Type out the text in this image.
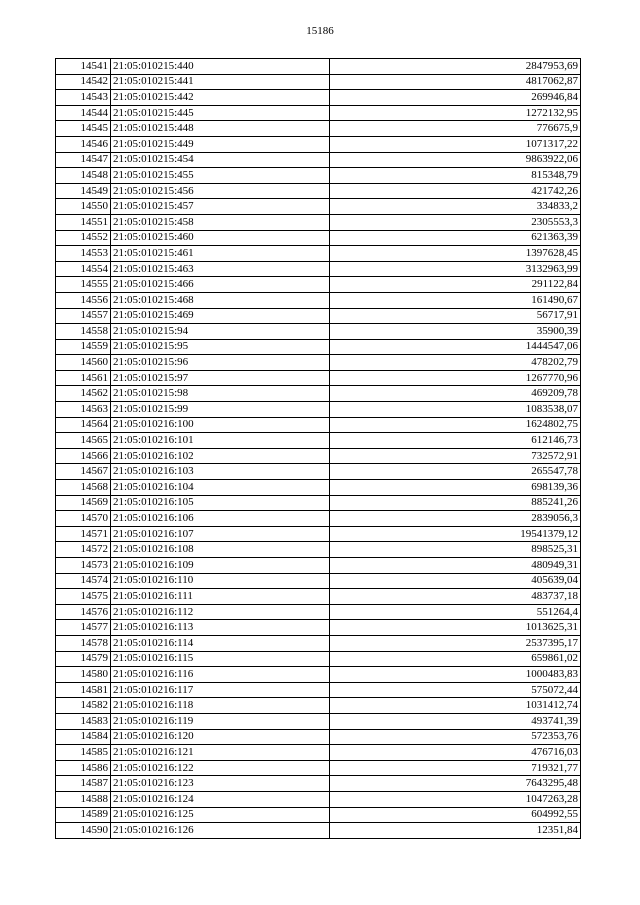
15186
14541	21:05:010215:440	2847953,69
14542	21:05:010215:441	4817062,87
14543	21:05:010215:442	269946,84
14544	21:05:010215:445	1272132,95
14545	21:05:010215:448	776675,9
14546	21:05:010215:449	1071317,22
14547	21:05:010215:454	9863922,06
14548	21:05:010215:455	815348,79
14549	21:05:010215:456	421742,26
14550	21:05:010215:457	334833,2
14551	21:05:010215:458	2305553,3
14552	21:05:010215:460	621363,39
14553	21:05:010215:461	1397628,45
14554	21:05:010215:463	3132963,99
14555	21:05:010215:466	291122,84
14556	21:05:010215:468	161490,67
14557	21:05:010215:469	56717,91
14558	21:05:010215:94	35900,39
14559	21:05:010215:95	1444547,06
14560	21:05:010215:96	478202,79
14561	21:05:010215:97	1267770,96
14562	21:05:010215:98	469209,78
14563	21:05:010215:99	1083538,07
14564	21:05:010216:100	1624802,75
14565	21:05:010216:101	612146,73
14566	21:05:010216:102	732572,91
14567	21:05:010216:103	265547,78
14568	21:05:010216:104	698139,36
14569	21:05:010216:105	885241,26
14570	21:05:010216:106	2839056,3
14571	21:05:010216:107	19541379,12
14572	21:05:010216:108	898525,31
14573	21:05:010216:109	480949,31
14574	21:05:010216:110	405639,04
14575	21:05:010216:111	483737,18
14576	21:05:010216:112	551264,4
14577	21:05:010216:113	1013625,31
14578	21:05:010216:114	2537395,17
14579	21:05:010216:115	659861,02
14580	21:05:010216:116	1000483,83
14581	21:05:010216:117	575072,44
14582	21:05:010216:118	1031412,74
14583	21:05:010216:119	493741,39
14584	21:05:010216:120	572353,76
14585	21:05:010216:121	476716,03
14586	21:05:010216:122	719321,77
14587	21:05:010216:123	7643295,48
14588	21:05:010216:124	1047263,28
14589	21:05:010216:125	604992,55
14590	21:05:010216:126	12351,84
